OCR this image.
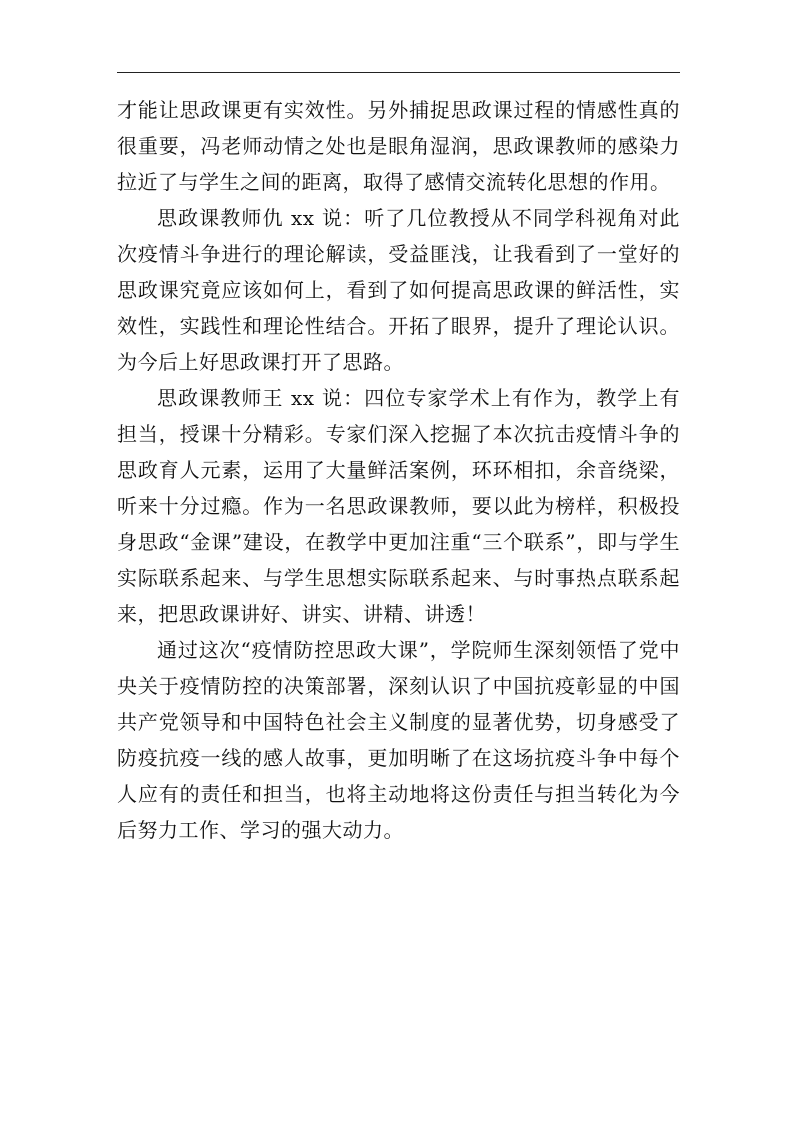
才能让思政课更有实效性。另外捕捉思政课过程的情感性真的很重要，冯老师动情之处也是眼角湿润，思政课教师的感染力拉近了与学生之间的距离，取得了感情交流转化思想的作用。

思政课教师仇 xx 说：听了几位教授从不同学科视角对此次疫情斗争进行的理论解读，受益匪浅，让我看到了一堂好的思政课究竟应该如何上，看到了如何提高思政课的鲜活性，实效性，实践性和理论性结合。开拓了眼界，提升了理论认识。为今后上好思政课打开了思路。

思政课教师王 xx 说：四位专家学术上有作为，教学上有担当，授课十分精彩。专家们深入挖掘了本次抗击疫情斗争的思政育人元素，运用了大量鲜活案例，环环相扣，余音绕梁，听来十分过瘾。作为一名思政课教师，要以此为榜样，积极投身思政“金课”建设，在教学中更加注重“三个联系”，即与学生实际联系起来、与学生思想实际联系起来、与时事热点联系起来，把思政课讲好、讲实、讲精、讲透！

通过这次“疫情防控思政大课”，学院师生深刻领悟了党中央关于疫情防控的决策部署，深刻认识了中国抗疫彰显的中国共产党领导和中国特色社会主义制度的显著优势，切身感受了防疫抗疫一线的感人故事，更加明晰了在这场抗疫斗争中每个人应有的责任和担当，也将主动地将这份责任与担当转化为今后努力工作、学习的强大动力。
